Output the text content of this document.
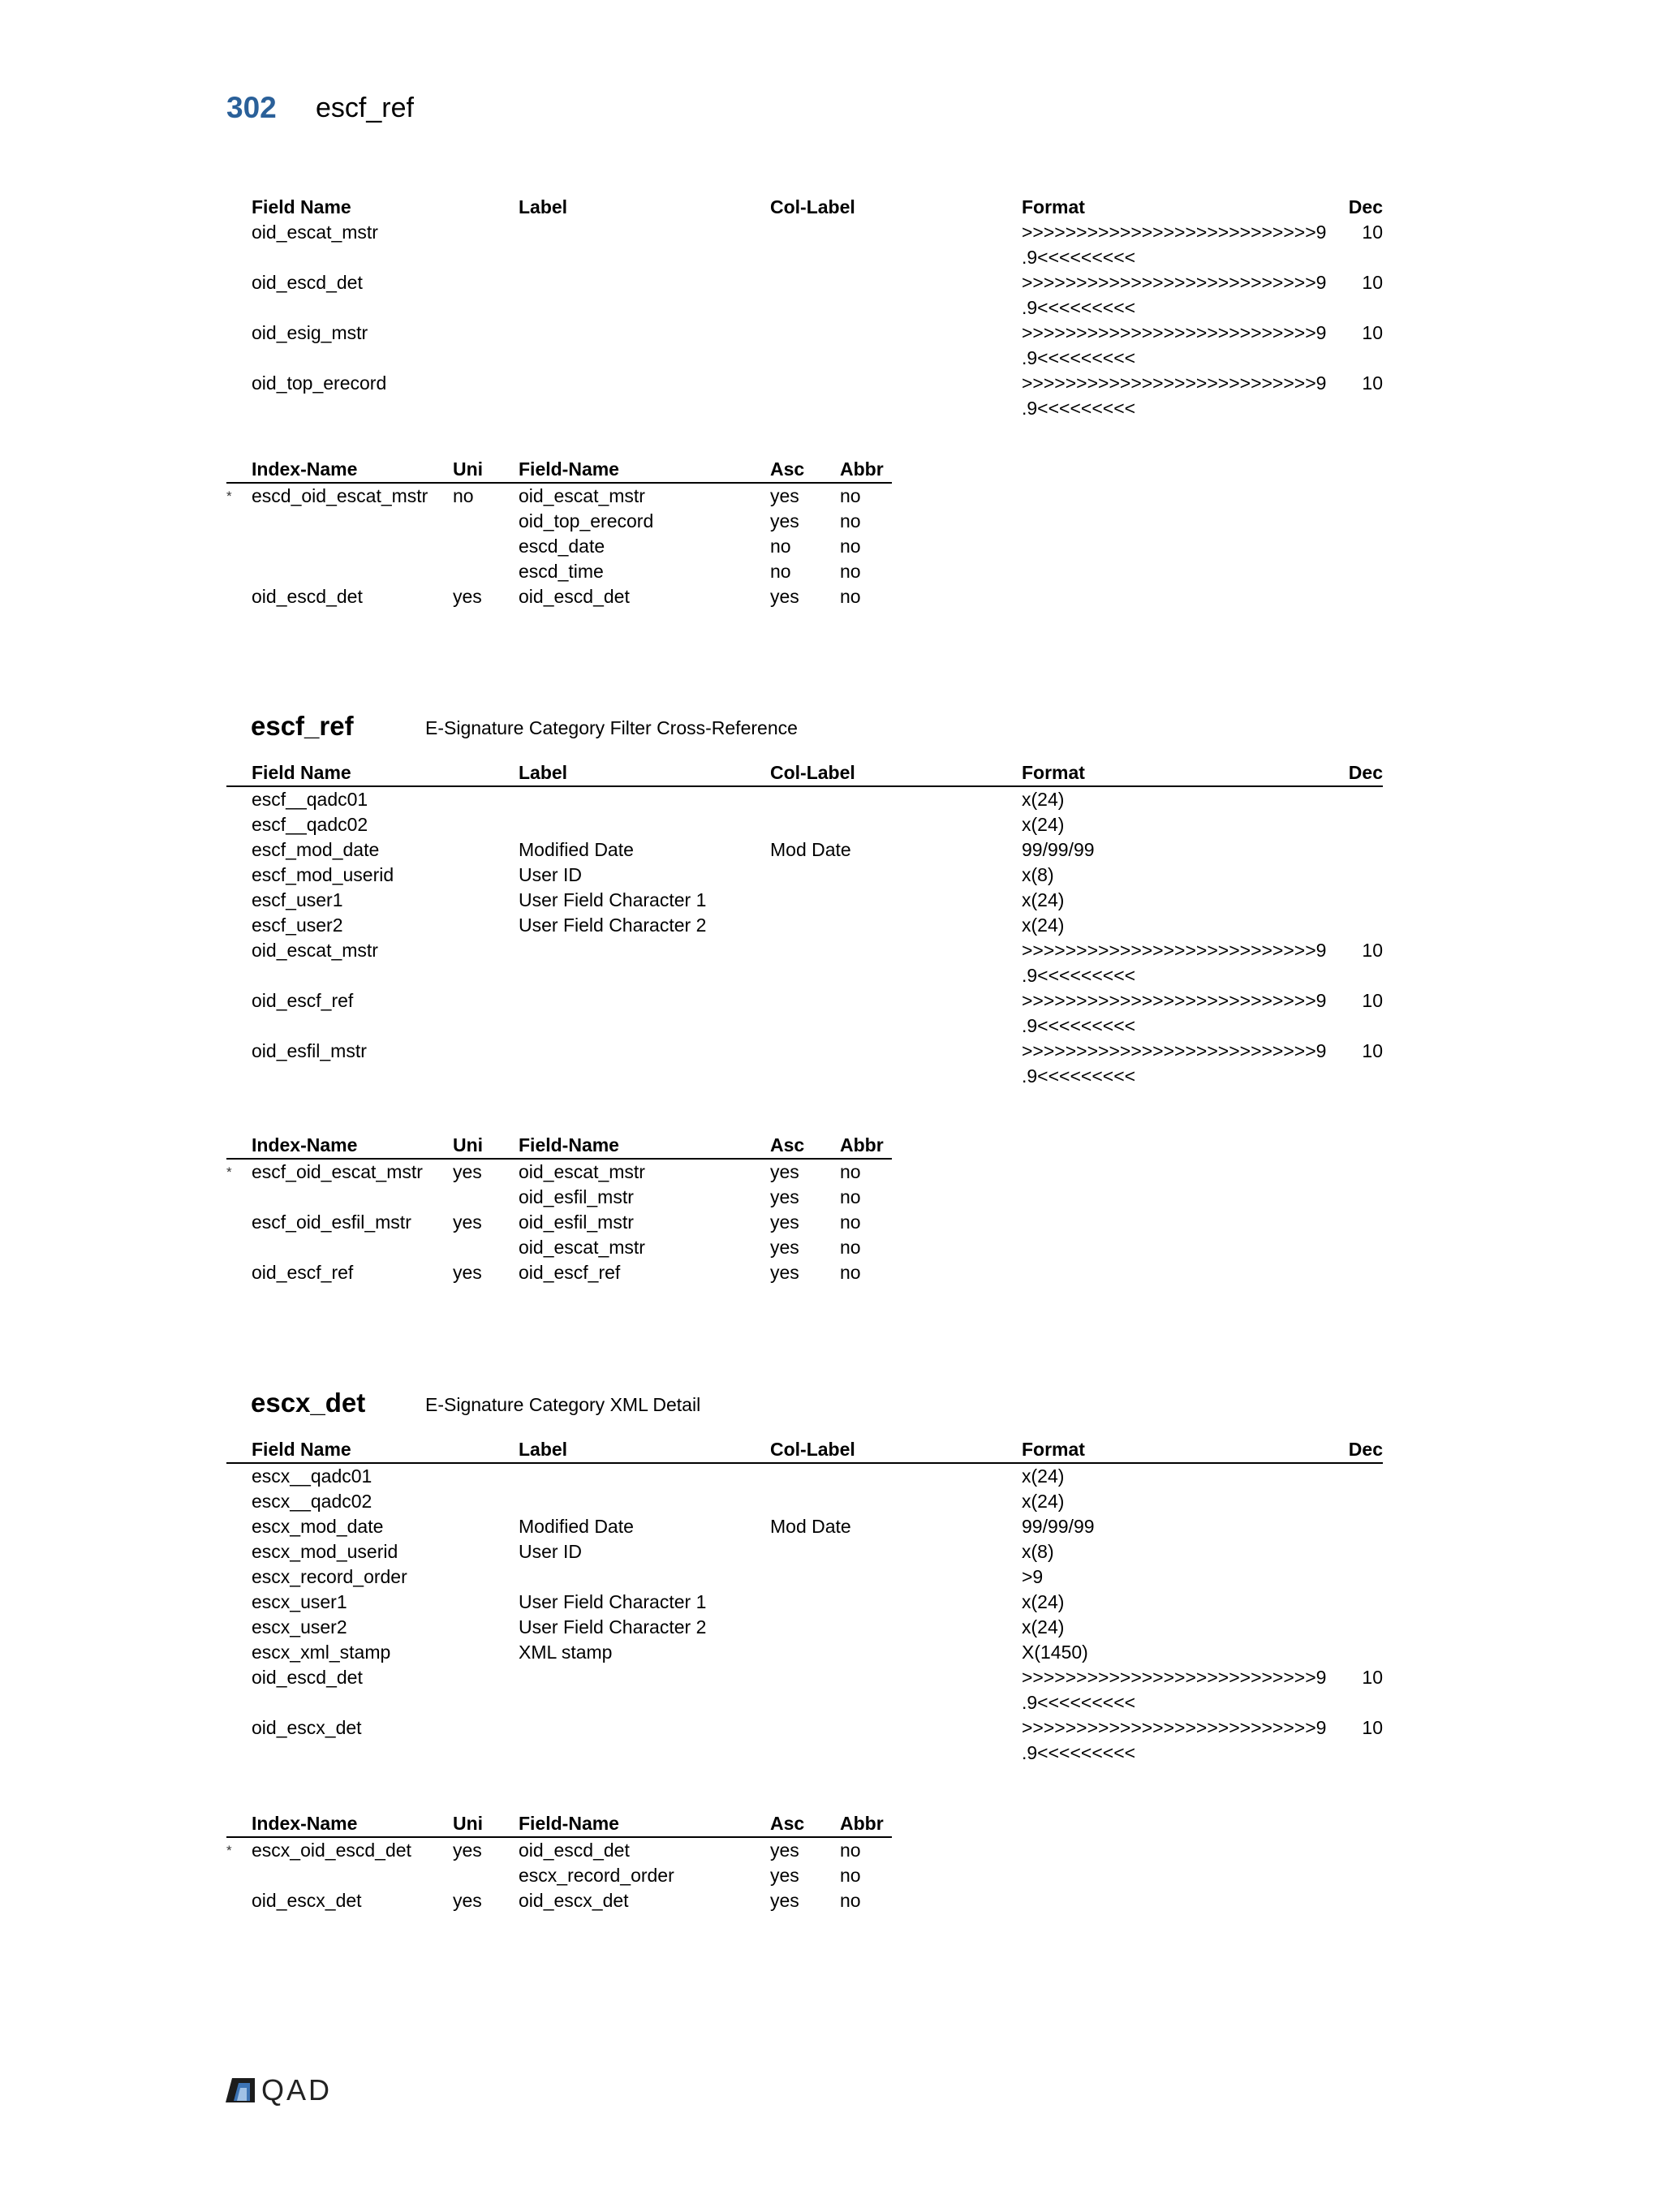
302 escf_ref
	Field Name	Label	Col-Label	Format	Dec
	oid_escat_mstr			>>>>>>>>>>>>>>>>>>>>>>>>>>>9
.9<<<<<<<<<	10
	oid_escd_det			>>>>>>>>>>>>>>>>>>>>>>>>>>>9
.9<<<<<<<<<	10
	oid_esig_mstr			>>>>>>>>>>>>>>>>>>>>>>>>>>>9
.9<<<<<<<<<	10
	oid_top_erecord			>>>>>>>>>>>>>>>>>>>>>>>>>>>9
.9<<<<<<<<<	10
	Index-Name	Uni	Field-Name	Asc	Abbr
*	escd_oid_escat_mstr	no	oid_escat_mstr	yes	no
			oid_top_erecord	yes	no
			escd_date	no	no
			escd_time	no	no
	oid_escd_det	yes	oid_escd_det	yes	no
escf_ref	E-Signature Category Filter Cross-Reference
	Field Name	Label	Col-Label	Format	Dec
	escf__qadc01			x(24)	

	escf__qadc02			x(24)	

	escf_mod_date	Modified Date	Mod Date	99/99/99	

	escf_mod_userid	User ID		x(8)	

	escf_user1	User Field Character 1		x(24)	

	escf_user2	User Field Character 2		x(24)	

	oid_escat_mstr			>>>>>>>>>>>>>>>>>>>>>>>>>>>9
.9<<<<<<<<<	10
	oid_escf_ref			>>>>>>>>>>>>>>>>>>>>>>>>>>>9
.9<<<<<<<<<	10
	oid_esfil_mstr			>>>>>>>>>>>>>>>>>>>>>>>>>>>9
.9<<<<<<<<<	10
	Index-Name	Uni	Field-Name	Asc	Abbr
*	escf_oid_escat_mstr	yes	oid_escat_mstr	yes	no
			oid_esfil_mstr	yes	no
	escf_oid_esfil_mstr	yes	oid_esfil_mstr	yes	no
			oid_escat_mstr	yes	no
	oid_escf_ref	yes	oid_escf_ref	yes	no
escx_det	E-Signature Category XML Detail
	Field Name	Label	Col-Label	Format	Dec
	escx__qadc01			x(24)	

	escx__qadc02			x(24)	

	escx_mod_date	Modified Date	Mod Date	99/99/99	

	escx_mod_userid	User ID		x(8)	

	escx_record_order			>9	

	escx_user1	User Field Character 1		x(24)	

	escx_user2	User Field Character 2		x(24)	

	escx_xml_stamp	XML stamp		X(1450)	

	oid_escd_det			>>>>>>>>>>>>>>>>>>>>>>>>>>>9
.9<<<<<<<<<	10
	oid_escx_det			>>>>>>>>>>>>>>>>>>>>>>>>>>>9
.9<<<<<<<<<	10
	Index-Name	Uni	Field-Name	Asc	Abbr
*	escx_oid_escd_det	yes	oid_escd_det	yes	no
			escx_record_order	yes	no
	oid_escx_det	yes	oid_escx_det	yes	no
QAD
